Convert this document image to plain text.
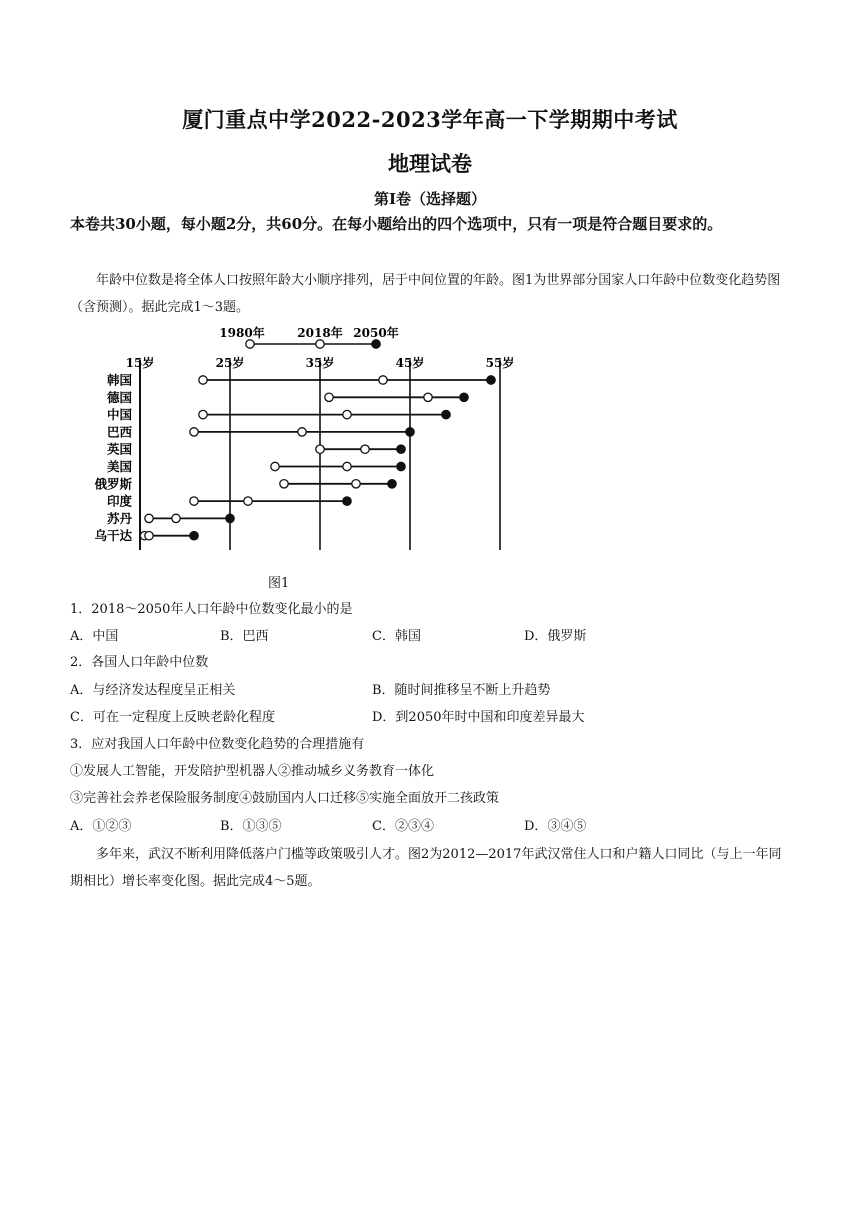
厦门重点中学2022-2023学年高一下学期期中考试
地理试卷
第Ⅰ卷（选择题）
本卷共30小题，每小题2分，共60分。在每小题给出的四个选项中，只有一项是符合题目要求的。
年龄中位数是将全体人口按照年龄大小顺序排列，居于中间位置的年龄。图1为世界部分国家人口年龄中位数变化趋势图（含预测）。据此完成1～3题。
15岁	25岁	35岁	45岁	55岁
1980年	2018年 2050年
韩国
德国
中国
巴西
英国
美国
俄罗斯
印度
苏丹
乌干达
图1
1．2018～2050年人口年龄中位数变化最小的是
A．中国	B．巴西	C．韩国	D．俄罗斯
2．各国人口年龄中位数
A．与经济发达程度呈正相关	B．随时间推移呈不断上升趋势
C．可在一定程度上反映老龄化程度	D．到2050年时中国和印度差异最大
3．应对我国人口年龄中位数变化趋势的合理措施有
①发展人工智能，开发陪护型机器人②推动城乡义务教育一体化
③完善社会养老保险服务制度④鼓励国内人口迁移⑤实施全面放开二孩政策
A．①②③	B．①③⑤	C．②③④	D．③④⑤
多年来，武汉不断利用降低落户门槛等政策吸引人才。图2为2012—2017年武汉常住人口和户籍人口同比（与上一年同期相比）增长率变化图。据此完成4～5题。
